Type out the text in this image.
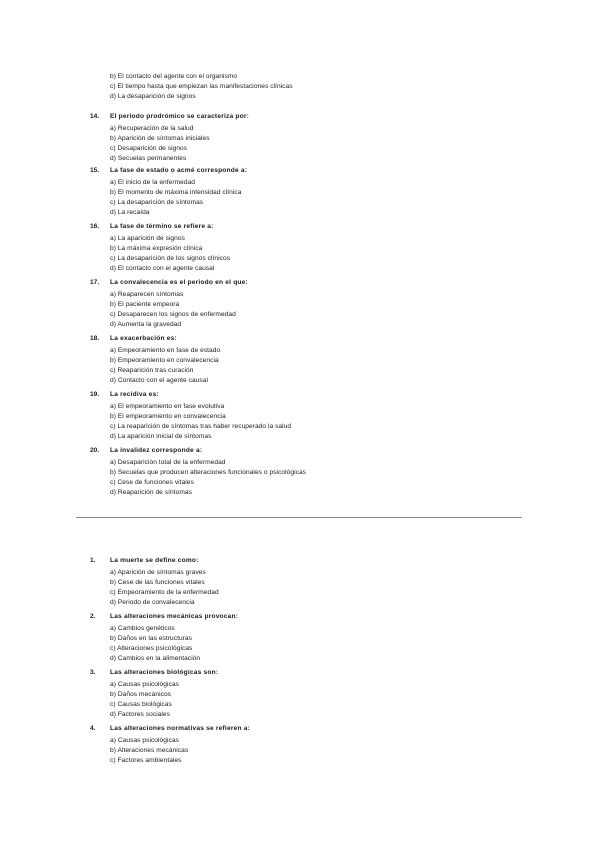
b) El contacto del agente con el organismo
c) El tiempo hasta que empiezan las manifestaciones clínicas
d) La desaparición de signos
14. El periodo prodrómico se caracteriza por:
a) Recuperación de la salud
b) Aparición de síntomas iniciales
c) Desaparición de signos
d) Secuelas permanentes
15. La fase de estado o acmé corresponde a:
a) El inicio de la enfermedad
b) El momento de máxima intensidad clínica
c) La desaparición de síntomas
d) La recaída
16. La fase de término se refiere a:
a) La aparición de signos
b) La máxima expresión clínica
c) La desaparición de los signos clínicos
d) El contacto con el agente causal
17. La convalecencia es el periodo en el que:
a) Reaparecen síntomas
b) El paciente empeora
c) Desaparecen los signos de enfermedad
d) Aumenta la gravedad
18. La exacerbación es:
a) Empeoramiento en fase de estado
b) Empeoramiento en convalecencia
c) Reaparición tras curación
d) Contacto con el agente causal
19. La recidiva es:
a) El empeoramiento en fase evolutiva
b) El empeoramiento en convalecencia
c) La reaparición de síntomas tras haber recuperado la salud
d) La aparición inicial de síntomas
20. La invalidez corresponde a:
a) Desaparición total de la enfermedad
b) Secuelas que producen alteraciones funcionales o psicológicas
c) Cese de funciones vitales
d) Reaparición de síntomas
1. La muerte se define como:
a) Aparición de síntomas graves
b) Cese de las funciones vitales
c) Empeoramiento de la enfermedad
d) Periodo de convalecencia
2. Las alteraciones mecánicas provocan:
a) Cambios genéticos
b) Daños en las estructuras
c) Alteraciones psicológicas
d) Cambios en la alimentación
3. Las alteraciones biológicas son:
a) Causas psicológicas
b) Daños mecánicos
c) Causas biológicas
d) Factores sociales
4. Las alteraciones normativas se refieren a:
a) Causas psicológicas
b) Alteraciones mecánicas
c) Factores ambientales
